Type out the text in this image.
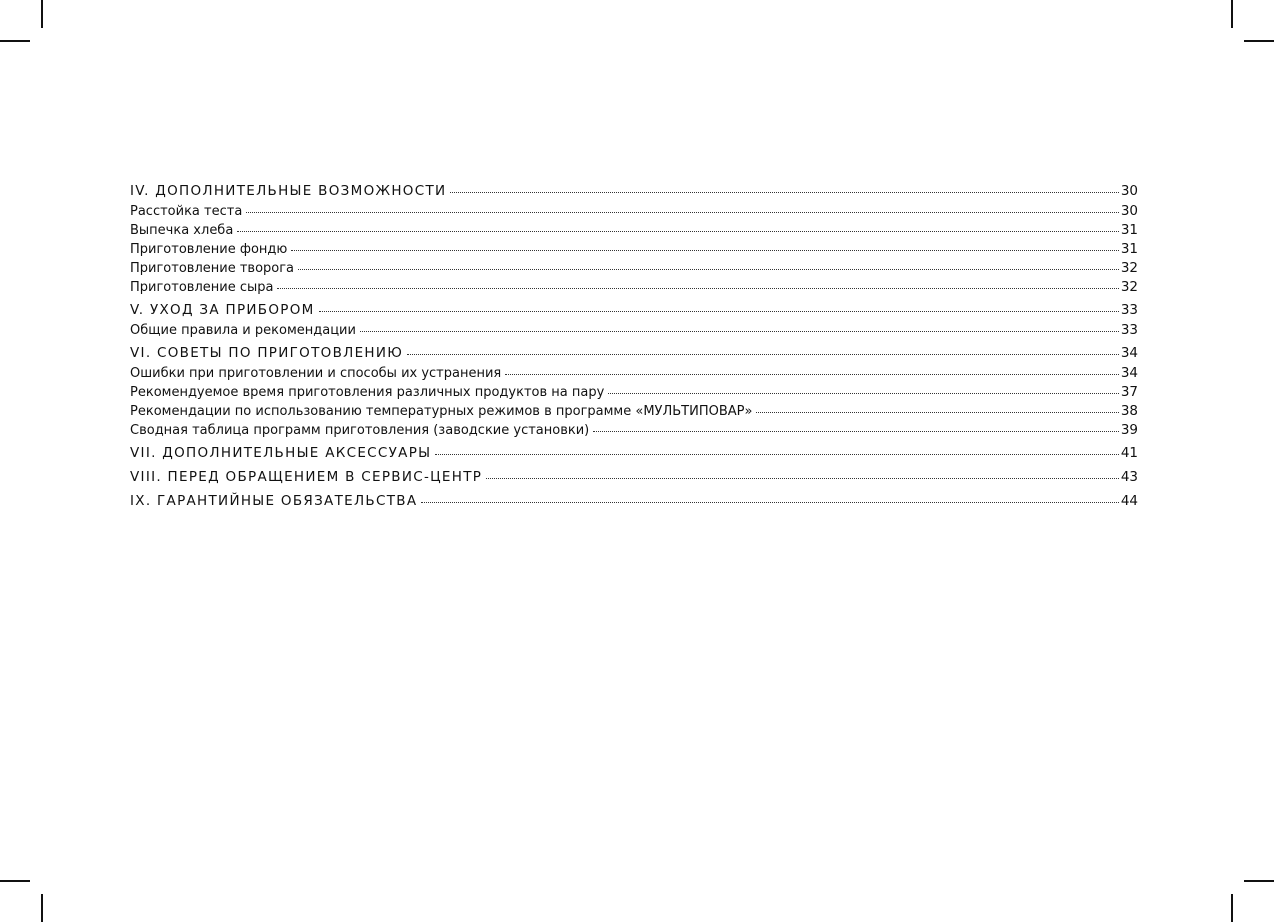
IV. ДОПОЛНИТЕЛЬНЫЕ ВОЗМОЖНОСТИ	30
Расстойка теста	30
Выпечка хлеба	31
Приготовление фондю	31
Приготовление творога	32
Приготовление сыра	32
V. УХОД ЗА ПРИБОРОМ	33
Общие правила и рекомендации	33
VI. СОВЕТЫ ПО ПРИГОТОВЛЕНИЮ	34
Ошибки при приготовлении и способы их устранения	34
Рекомендуемое время приготовления различных продуктов на пару	37
Рекомендации по использованию температурных режимов в программе «МУЛЬТИПОВАР»	38
Сводная таблица программ приготовления (заводские установки)	39
VII. ДОПОЛНИТЕЛЬНЫЕ АКСЕССУАРЫ	41
VIII. ПЕРЕД ОБРАЩЕНИЕМ В СЕРВИС-ЦЕНТР	43
IX. ГАРАНТИЙНЫЕ ОБЯЗАТЕЛЬСТВА	44
